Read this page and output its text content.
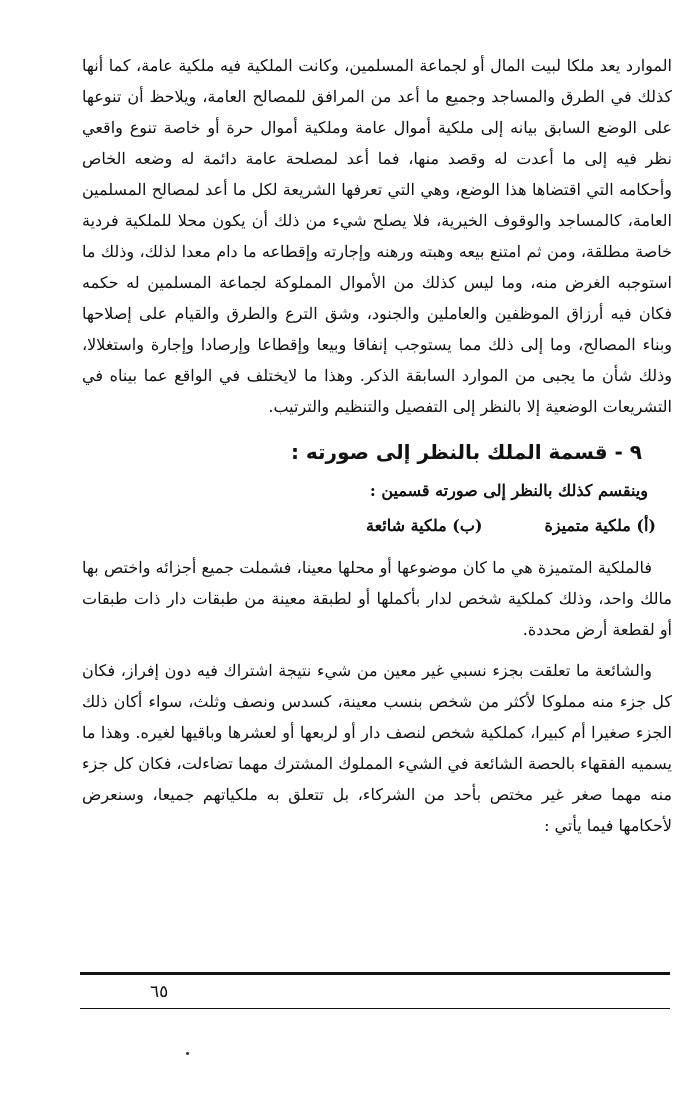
الموارد يعد ملكا لبيت المال أو لجماعة المسلمين، وكانت الملكية فيه ملكية عامة، كما أنها كذلك في الطرق والمساجد وجميع ما أعد من المرافق للمصالح العامة، ويلاحظ أن تنوعها على الوضع السابق بيانه إلى ملكية أموال عامة وملكية أموال حرة أو خاصة تنوع واقعي نظر فيه إلى ما أعدت له وقصد منها، فما أعد لمصلحة عامة دائمة له وضعه الخاص وأحكامه التي اقتضاها هذا الوضع، وهي التي تعرفها الشريعة لكل ما أعد لمصالح المسلمين العامة، كالمساجد والوقوف الخيرية، فلا يصلح شيء من ذلك أن يكون محلا للملكية فردية خاصة مطلقة، ومن ثم امتنع بيعه وهبته ورهنه وإجارته وإقطاعه ما دام معدا لذلك، وذلك ما استوجبه الغرض منه، وما ليس كذلك من الأموال المملوكة لجماعة المسلمين له حكمه فكان فيه أرزاق الموظفين والعاملين والجنود، وشق الترع والطرق والقيام على إصلاحها وبناء المصالح، وما إلى ذلك مما يستوجب إنفاقا وبيعا وإقطاعا وإرصادا وإجارة واستغلالا، وذلك شأن ما يجبى من الموارد السابقة الذكر. وهذا ما لايختلف في الواقع عما بيناه في التشريعات الوضعية إلا بالنظر إلى التفصيل والتنظيم والترتيب.

٩ - قسمة الملك بالنظر إلى صورته :

وينقسم كذلك بالنظر إلى صورته قسمين :

(أ) ملكية متميزة
(ب) ملكية شائعة

فالملكية المتميزة هي ما كان موضوعها أو محلها معينا، فشملت جميع أجزائه واختص بها مالك واحد، وذلك كملكية شخص لدار بأكملها أو لطبقة معينة من طبقات دار ذات طبقات أو لقطعة أرض محددة.

والشائعة ما تعلقت بجزء نسبي غير معين من شيء نتيجة اشتراك فيه دون إفراز، فكان كل جزء منه مملوكا لأكثر من شخص بنسب معينة، كسدس ونصف وثلث، سواء أكان ذلك الجزء صغيرا أم كبيرا، كملكية شخص لنصف دار أو لربعها أو لعشرها وباقيها لغيره. وهذا ما يسميه الفقهاء بالحصة الشائعة في الشيء المملوك المشترك مهما تضاءلت، فكان كل جزء منه مهما صغر غير مختص بأحد من الشركاء، بل تتعلق به ملكياتهم جميعا، وسنعرض لأحكامها فيما يأتي :

٦٥
